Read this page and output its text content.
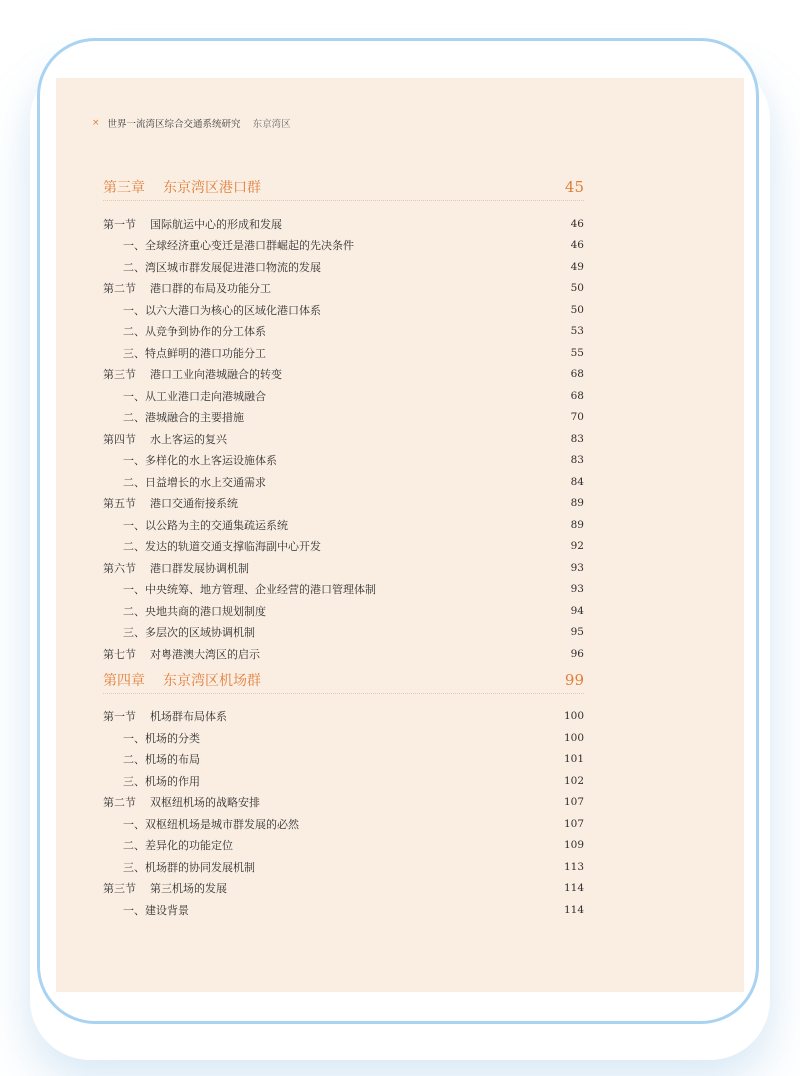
× 世界一流湾区综合交通系统研究 东京湾区
第三章 东京湾区港口群	45
第一节 国际航运中心的形成和发展	46
一、全球经济重心变迁是港口群崛起的先决条件	46
二、湾区城市群发展促进港口物流的发展	49
第二节 港口群的布局及功能分工	50
一、以六大港口为核心的区域化港口体系	50
二、从竞争到协作的分工体系	53
三、特点鲜明的港口功能分工	55
第三节 港口工业向港城融合的转变	68
一、从工业港口走向港城融合	68
二、港城融合的主要措施	70
第四节 水上客运的复兴	83
一、多样化的水上客运设施体系	83
二、日益增长的水上交通需求	84
第五节 港口交通衔接系统	89
一、以公路为主的交通集疏运系统	89
二、发达的轨道交通支撑临海副中心开发	92
第六节 港口群发展协调机制	93
一、中央统筹、地方管理、企业经营的港口管理体制	93
二、央地共商的港口规划制度	94
三、多层次的区域协调机制	95
第七节 对粤港澳大湾区的启示	96
第四章 东京湾区机场群	99
第一节 机场群布局体系	100
一、机场的分类	100
二、机场的布局	101
三、机场的作用	102
第二节 双枢纽机场的战略安排	107
一、双枢纽机场是城市群发展的必然	107
二、差异化的功能定位	109
三、机场群的协同发展机制	113
第三节 第三机场的发展	114
一、建设背景	114
